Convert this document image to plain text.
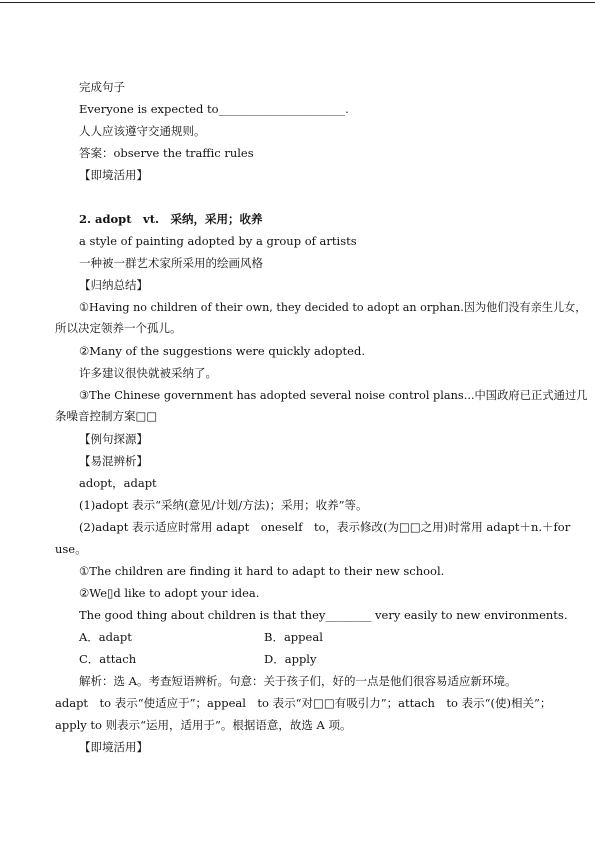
完成句子
Everyone is expected to______________________.
人人应该遵守交通规则。
答案：observe the traffic rules
【即境活用】
2. adopt　vt.　采纳，采用；收养
a style of painting adopted by a group of artists
一种被一群艺术家所采用的绘画风格
【归纳总结】
①Having no children of their own, they decided to adopt an orphan.因为他们没有亲生儿女，
所以决定领养一个孤儿。
②Many of the suggestions were quickly adopted.
许多建议很快就被采纳了。
③The Chinese government has adopted several noise control plans...中国政府已正式通过几
条噪音控制方案□□
【例句探源】
【易混辨析】
adopt，adapt
(1)adopt 表示“采纳(意见/计划/方法)；采用；收养”等。
(2)adapt 表示适应时常用 adapt　oneself　to，表示修改(为□□之用)时常用 adapt＋n.＋for
use。
①The children are finding it hard to adapt to their new school.
②We▯d like to adopt your idea.
The good thing about children is that they________ very easily to new environments.
A．adapt	B．appeal
C．attach	D．apply
解析：选 A。考查短语辨析。句意：关于孩子们，好的一点是他们很容易适应新环境。
adapt　to 表示“使适应于”；appeal　to 表示“对□□有吸引力”；attach　to 表示“(使)相关”；
apply to 则表示“运用，适用于”。根据语意，故选 A 项。
【即境活用】
